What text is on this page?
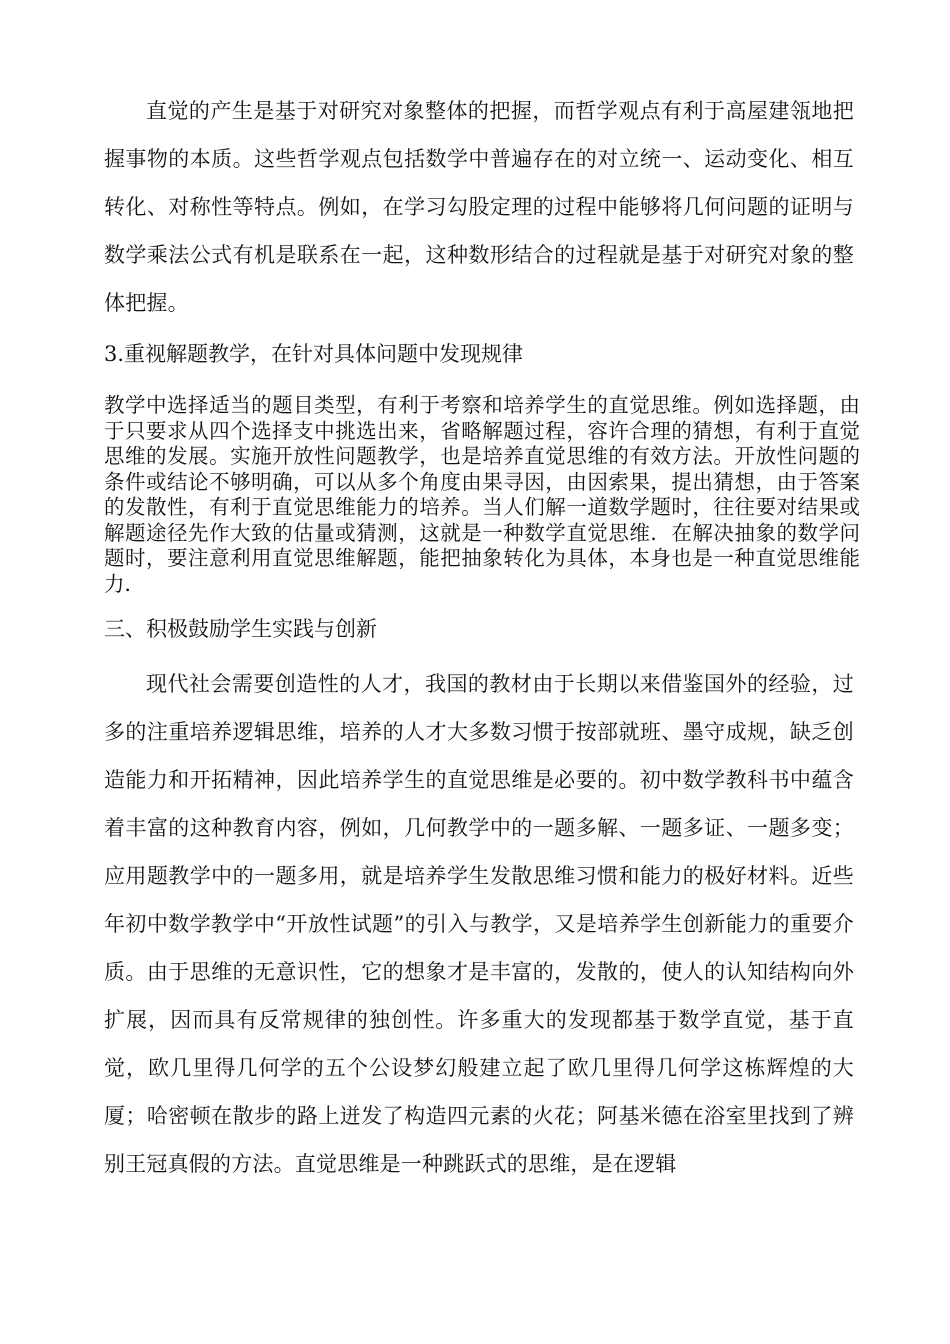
直觉的产生是基于对研究对象整体的把握，而哲学观点有利于高屋建瓴地把握事物的本质。这些哲学观点包括数学中普遍存在的对立统一、运动变化、相互转化、对称性等特点。例如，在学习勾股定理的过程中能够将几何问题的证明与数学乘法公式有机是联系在一起，这种数形结合的过程就是基于对研究对象的整体把握。

3.重视解题教学，在针对具体问题中发现规律

教学中选择适当的题目类型，有利于考察和培养学生的直觉思维。例如选择题，由于只要求从四个选择支中挑选出来，省略解题过程，容许合理的猜想，有利于直觉思维的发展。实施开放性问题教学，也是培养直觉思维的有效方法。开放性问题的条件或结论不够明确，可以从多个角度由果寻因，由因索果，提出猜想，由于答案的发散性，有利于直觉思维能力的培养。当人们解一道数学题时，往往要对结果或解题途径先作大致的估量或猜测，这就是一种数学直觉思维．在解决抽象的数学问题时，要注意利用直觉思维解题，能把抽象转化为具体，本身也是一种直觉思维能力．

三、积极鼓励学生实践与创新

现代社会需要创造性的人才，我国的教材由于长期以来借鉴国外的经验，过多的注重培养逻辑思维，培养的人才大多数习惯于按部就班、墨守成规，缺乏创造能力和开拓精神，因此培养学生的直觉思维是必要的。初中数学教科书中蕴含着丰富的这种教育内容，例如，几何教学中的一题多解、一题多证、一题多变；应用题教学中的一题多用，就是培养学生发散思维习惯和能力的极好材料。近些年初中数学教学中“开放性试题”的引入与教学，又是培养学生创新能力的重要介质。由于思维的无意识性，它的想象才是丰富的，发散的，使人的认知结构向外扩展，因而具有反常规律的独创性。许多重大的发现都基于数学直觉，基于直觉，欧几里得几何学的五个公设梦幻般建立起了欧几里得几何学这栋辉煌的大厦；哈密顿在散步的路上迸发了构造四元素的火花；阿基米德在浴室里找到了辨别王冠真假的方法。直觉思维是一种跳跃式的思维，是在逻辑
